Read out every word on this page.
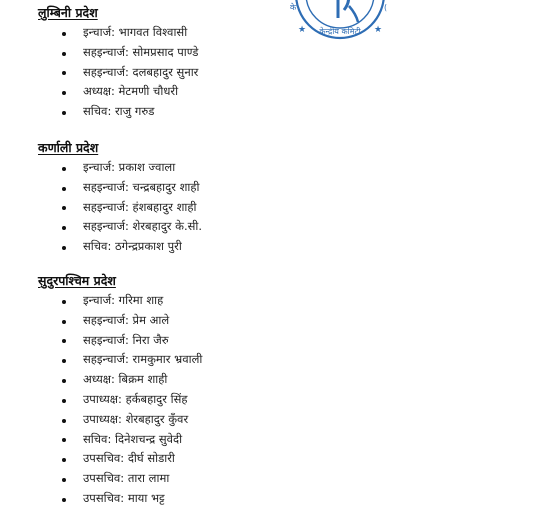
★	★
केन्द्रीय कमिटी
के	(
लुम्बिनी प्रदेश
इन्चार्ज: भागवत विश्वासी
सहइन्चार्ज: सोमप्रसाद पाण्डे
सहइन्चार्ज: दलबहादुर सुनार
अध्यक्ष: मेटमणी चौधरी
सचिव: राजु गरुड
कर्णाली प्रदेश
इन्चार्ज: प्रकाश ज्वाला
सहइन्चार्ज: चन्द्रबहादुर शाही
सहइन्चार्ज: हंशबहादुर शाही
सहइन्चार्ज: शेरबहादुर के.सी.
सचिव: ठगेन्द्रप्रकाश पुरी
सुदुरपश्चिम प्रदेश
इन्चार्ज: गरिमा शाह
सहइन्चार्ज: प्रेम आले
सहइन्चार्ज: निरा जैरु
सहइन्चार्ज: रामकुमार भ्रवाली
अध्यक्ष: बिक्रम शाही
उपाध्यक्ष: हर्कबहादुर सिंह
उपाध्यक्ष: शेरबहादुर कुँवर
सचिव: दिनेशचन्द्र सुवेदी
उपसचिव: दीर्घ सोडारी
उपसचिव: तारा लामा
उपसचिव: माया भट्ट
